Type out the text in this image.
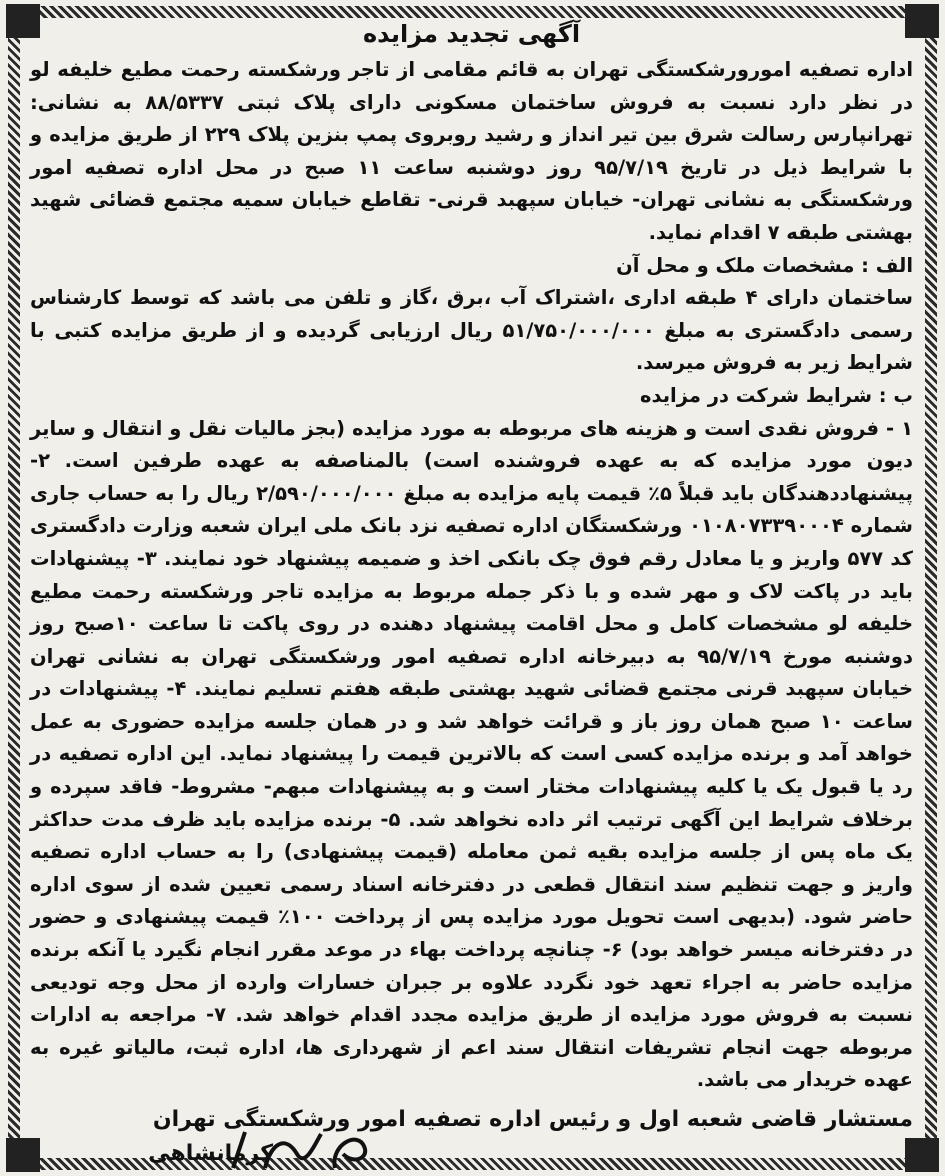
آگهی تجدید مزایده

اداره تصفیه امورورشکستگی تهران به قائم مقامی از تاجر ورشکسته رحمت مطیع خلیفه لو در نظر دارد نسبت به فروش ساختمان مسکونی دارای پلاک ثبتی ۸۸/۵۳۳۷ به نشانی: تهرانپارس رسالت شرق بین تیر انداز و رشید روبروی پمپ بنزین پلاک ۲۲۹ از طریق مزایده و با شرایط ذیل در تاریخ ۹۵/۷/۱۹ روز دوشنبه ساعت ۱۱ صبح در محل اداره تصفیه امور ورشکستگی به نشانی تهران- خیابان سپهبد قرنی- تقاطع خیابان سمیه مجتمع قضائی شهید بهشتی طبقه ۷ اقدام نماید.

الف : مشخصات ملک و محل آن

ساختمان دارای ۴ طبقه اداری ،اشتراک آب ،برق ،گاز و تلفن می باشد که توسط کارشناس رسمی دادگستری به مبلغ ۵۱/۷۵۰/۰۰۰/۰۰۰ ریال ارزیابی گردیده و از طریق مزایده کتبی با شرایط زیر به فروش میرسد.

ب : شرایط شرکت در مزایده

۱ - فروش نقدی است و هزینه های مربوطه به مورد مزایده (بجز مالیات نقل و انتقال و سایر دیون مورد مزایده که به عهده فروشنده است) بالمناصفه به عهده طرفین است. ۲- پیشنهاددهندگان باید قبلاً ۵٪ قیمت پایه مزایده به مبلغ ۲/۵۹۰/۰۰۰/۰۰۰ ریال را به حساب جاری شماره ۰۱۰۸۰۷۳۳۹۰۰۰۴ ورشکستگان اداره تصفیه نزد بانک ملی ایران شعبه وزارت دادگستری کد ۵۷۷ واریز و یا معادل رقم فوق چک بانکی اخذ و ضمیمه پیشنهاد خود نمایند. ۳- پیشنهادات باید در پاکت لاک و مهر شده و با ذکر جمله مربوط به مزایده تاجر ورشکسته رحمت مطیع خلیفه لو مشخصات کامل و محل اقامت پیشنهاد دهنده در روی پاکت تا ساعت ۱۰صبح روز دوشنبه مورخ ۹۵/۷/۱۹ به دبیرخانه اداره تصفیه امور ورشکستگی تهران به نشانی تهران خیابان سپهبد قرنی مجتمع قضائی شهید بهشتی طبقه هفتم تسلیم نمایند. ۴- پیشنهادات در ساعت ۱۰ صبح همان روز باز و قرائت خواهد شد و در همان جلسه مزایده حضوری به عمل خواهد آمد و برنده مزایده کسی است که بالاترین قیمت را پیشنهاد نماید. این اداره تصفیه در رد یا قبول یک یا کلیه پیشنهادات مختار است و به پیشنهادات مبهم- مشروط- فاقد سپرده و برخلاف شرایط این آگهی ترتیب اثر داده نخواهد شد. ۵- برنده مزایده باید ظرف مدت حداکثر یک ماه پس از جلسه مزایده بقیه ثمن معامله (قیمت پیشنهادی) را به حساب اداره تصفیه واریز و جهت تنظیم سند انتقال قطعی در دفترخانه اسناد رسمی تعیین شده از سوی اداره حاضر شود. (بدیهی است تحویل مورد مزایده پس از پرداخت ۱۰۰٪ قیمت پیشنهادی و حضور در دفترخانه میسر خواهد بود) ۶- چنانچه پرداخت بهاء در موعد مقرر انجام نگیرد یا آنکه برنده مزایده حاضر به اجراء تعهد خود نگردد علاوه بر جبران خسارات وارده از محل وجه تودیعی نسبت به فروش مورد مزایده از طریق مزایده مجدد اقدام خواهد شد. ۷- مراجعه به ادارات مربوطه جهت انجام تشریفات انتقال سند اعم از شهرداری ها، اداره ثبت، مالیاتو غیره به عهده خریدار می باشد.

مستشار قاضی شعبه اول و رئیس اداره تصفیه امور ورشکستگی تهران
کرمانشاهی
